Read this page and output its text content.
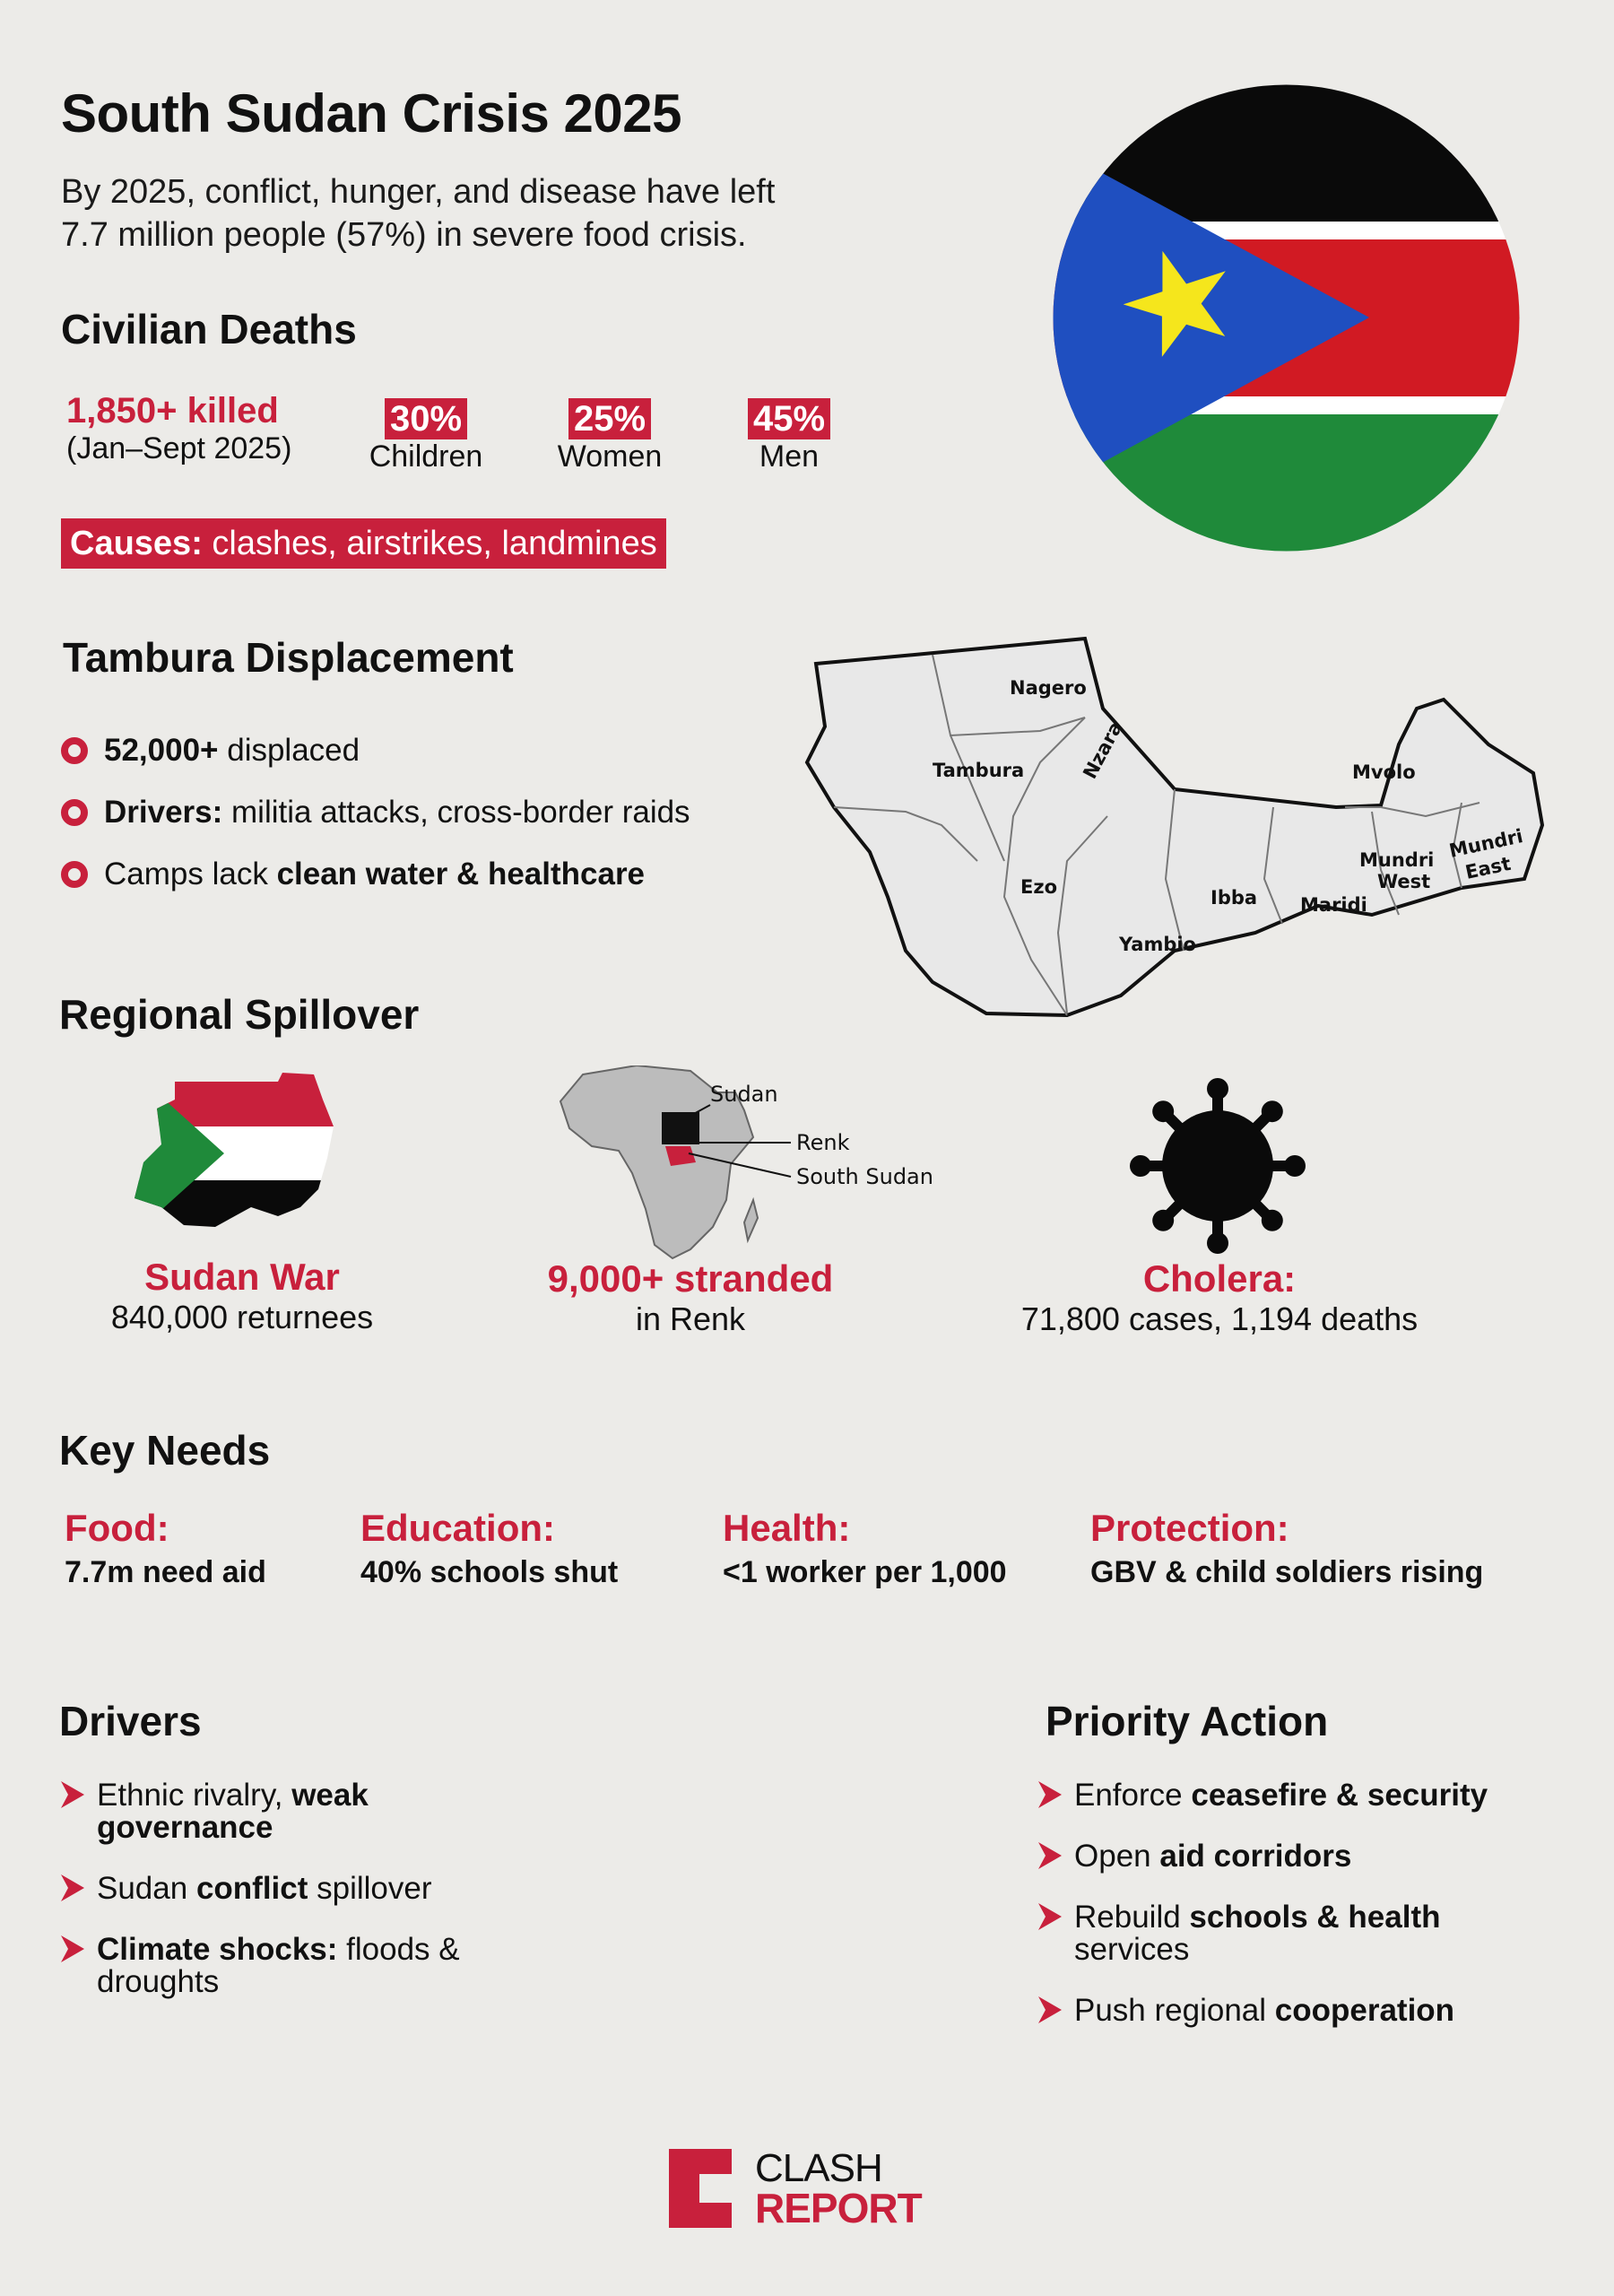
South Sudan Crisis 2025
By 2025, conflict, hunger, and disease have left
7.7 million people (57%) in severe food crisis.
Civilian Deaths
1,850+ killed
(Jan–Sept 2025)
30%
Children
25%
Women
45%
Men
Causes: clashes, airstrikes, landmines
Tambura Displacement
52,000+ displaced
Drivers: militia attacks, cross-border raids
Camps lack clean water & healthcare
Nagero
Tambura	Nzara	Mvolo
Ezo	Ibba Maridi
Mundri
West
Mundri
East
Yambio
Regional Spillover
Sudan
Renk
South Sudan
Sudan War
840,000 returnees
9,000+ stranded
in Renk
Cholera:
71,800 cases, 1,194 deaths
Key Needs
Food:
7.7m need aid
Education:
40% schools shut
Health:
<1 worker per 1,000
Protection:
GBV & child soldiers rising
Drivers
Ethnic rivalry, weak governance
Sudan conflict spillover
Climate shocks: floods & droughts
Priority Action
Enforce ceasefire & security
Open aid corridors
Rebuild schools & health services
Push regional cooperation
CLASH
REPORT
